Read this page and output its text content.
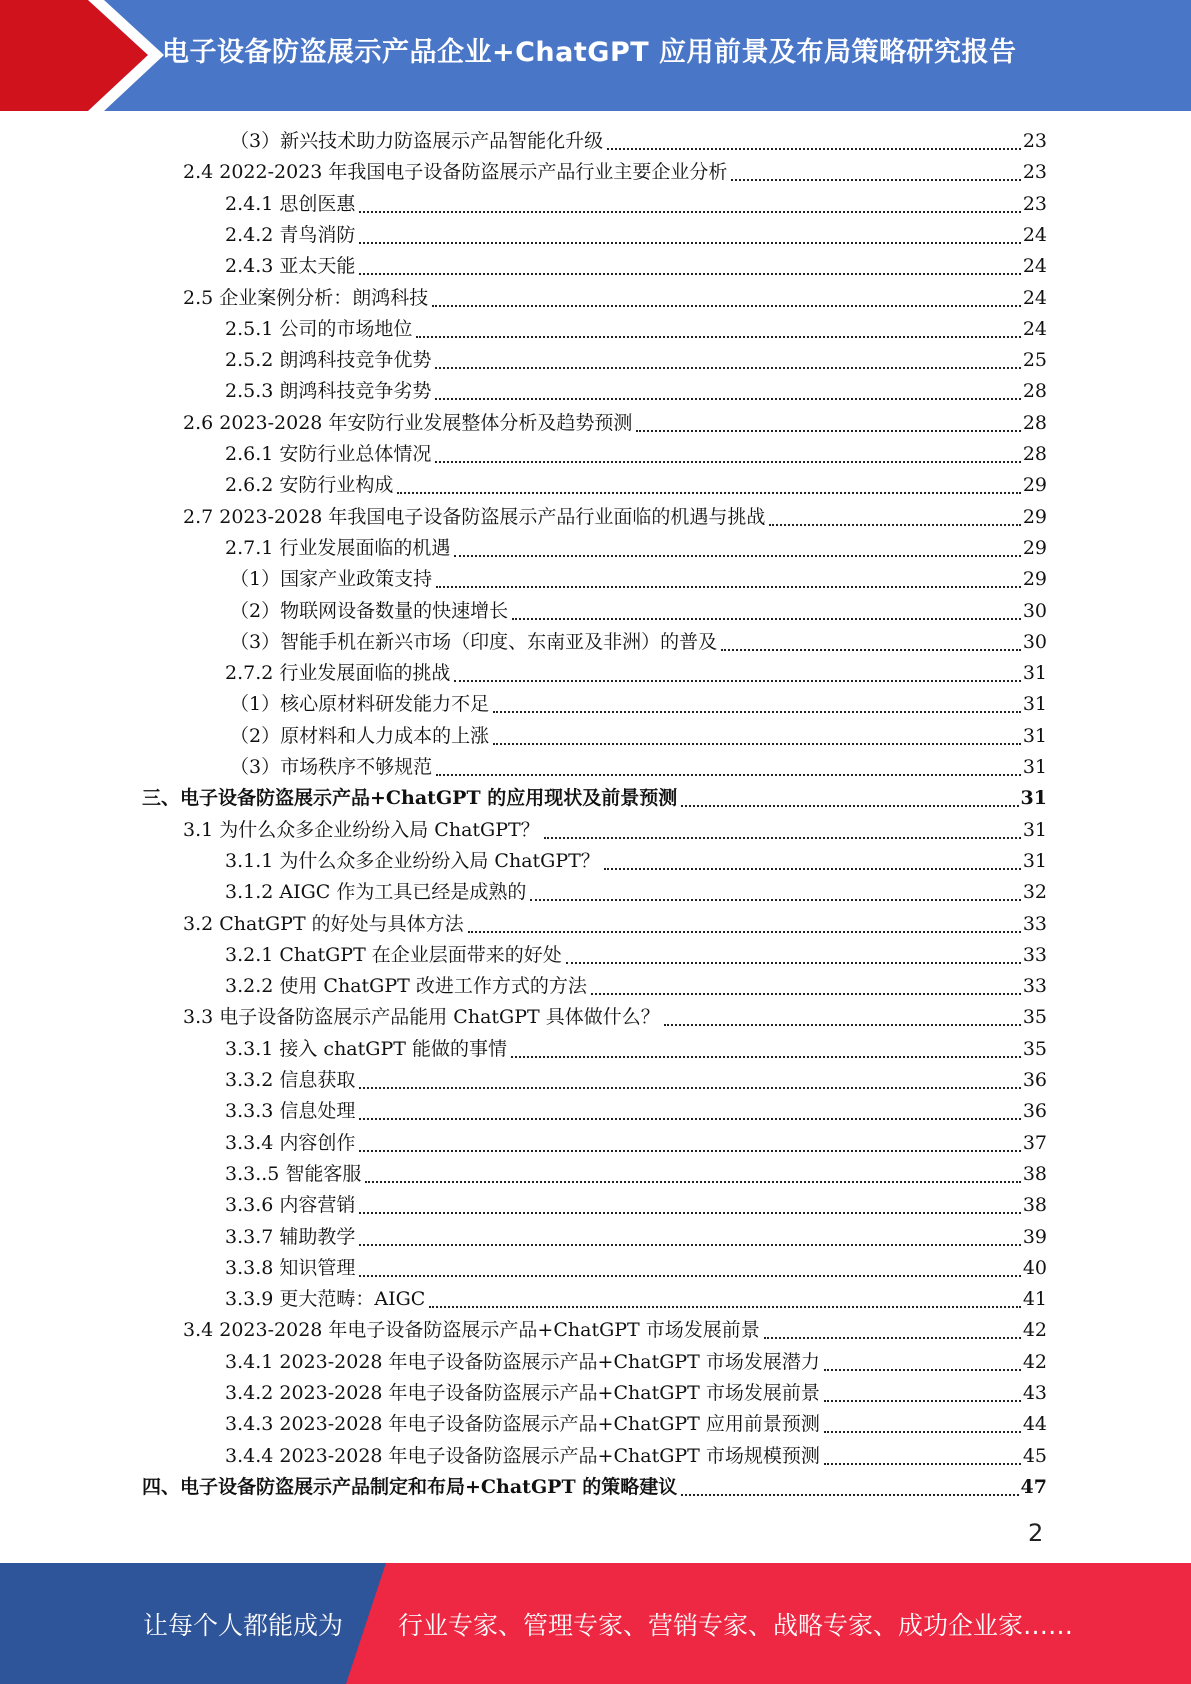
电子设备防盗展示产品企业+ChatGPT 应用前景及布局策略研究报告
（3）新兴技术助力防盗展示产品智能化升级	23
2.4 2022-2023 年我国电子设备防盗展示产品行业主要企业分析	23
2.4.1 思创医惠	23
2.4.2 青鸟消防	24
2.4.3 亚太天能	24
2.5 企业案例分析：朗鸿科技	24
2.5.1 公司的市场地位	24
2.5.2 朗鸿科技竞争优势	25
2.5.3 朗鸿科技竞争劣势	28
2.6 2023-2028 年安防行业发展整体分析及趋势预测	28
2.6.1 安防行业总体情况	28
2.6.2 安防行业构成	29
2.7 2023-2028 年我国电子设备防盗展示产品行业面临的机遇与挑战	29
2.7.1 行业发展面临的机遇	29
（1）国家产业政策支持	29
（2）物联网设备数量的快速增长	30
（3）智能手机在新兴市场（印度、东南亚及非洲）的普及	30
2.7.2 行业发展面临的挑战	31
（1）核心原材料研发能力不足	31
（2）原材料和人力成本的上涨	31
（3）市场秩序不够规范	31
三、电子设备防盗展示产品+ChatGPT 的应用现状及前景预测	31
3.1 为什么众多企业纷纷入局 ChatGPT？	31
3.1.1 为什么众多企业纷纷入局 ChatGPT？	31
3.1.2 AIGC 作为工具已经是成熟的	32
3.2 ChatGPT 的好处与具体方法	33
3.2.1 ChatGPT 在企业层面带来的好处	33
3.2.2 使用 ChatGPT 改进工作方式的方法	33
3.3 电子设备防盗展示产品能用 ChatGPT 具体做什么？	35
3.3.1 接入 chatGPT 能做的事情	35
3.3.2 信息获取	36
3.3.3 信息处理	36
3.3.4 内容创作	37
3.3..5 智能客服	38
3.3.6 内容营销	38
3.3.7 辅助教学	39
3.3.8 知识管理	40
3.3.9 更大范畴：AIGC	41
3.4 2023-2028 年电子设备防盗展示产品+ChatGPT 市场发展前景	42
3.4.1 2023-2028 年电子设备防盗展示产品+ChatGPT 市场发展潜力	42
3.4.2 2023-2028 年电子设备防盗展示产品+ChatGPT 市场发展前景	43
3.4.3 2023-2028 年电子设备防盗展示产品+ChatGPT 应用前景预测	44
3.4.4 2023-2028 年电子设备防盗展示产品+ChatGPT 市场规模预测	45
四、电子设备防盗展示产品制定和布局+ChatGPT 的策略建议	47
2
让每个人都能成为 行业专家、管理专家、营销专家、战略专家、成功企业家……
